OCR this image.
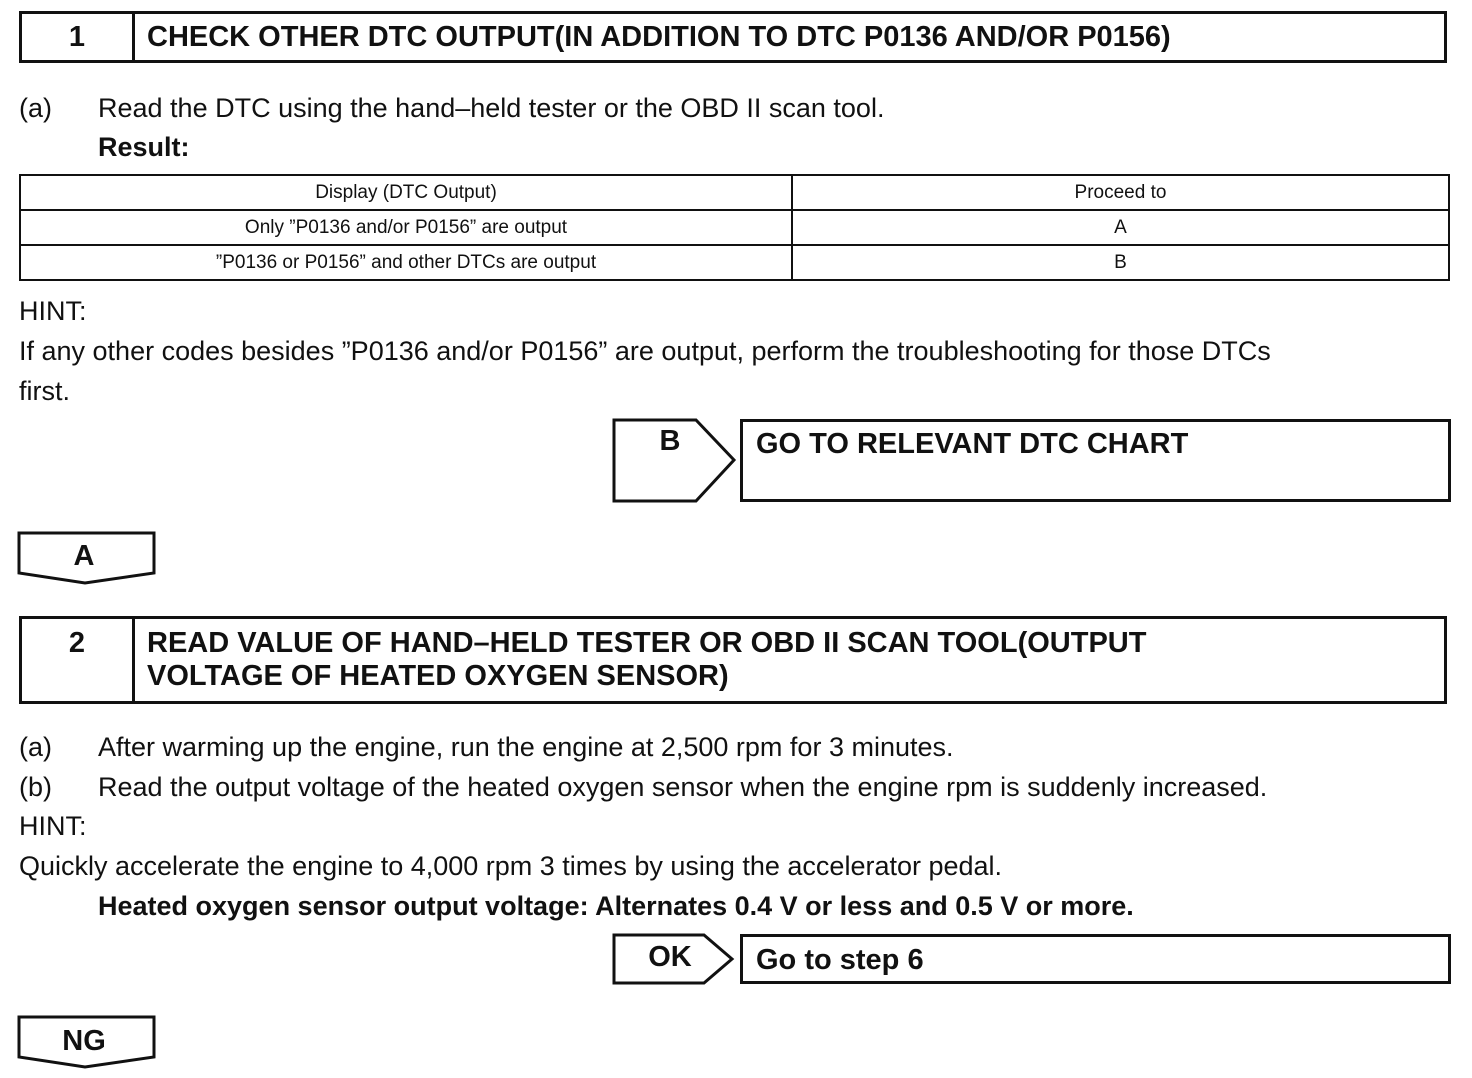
1	CHECK OTHER DTC OUTPUT(IN ADDITION TO DTC P0136 AND/OR P0156)
(a) Read the DTC using the hand–held tester or the OBD II scan tool.
Result:
Display (DTC Output)	Proceed to
Only ”P0136 and/or P0156” are output	A
”P0136 or P0156” and other DTCs are output	B
HINT:
If any other codes besides ”P0136 and/or P0156” are output, perform the troubleshooting for those DTCs
first.
B	GO TO RELEVANT DTC CHART
A
2	READ VALUE OF HAND–HELD TESTER OR OBD II SCAN TOOL(OUTPUT
VOLTAGE OF HEATED OXYGEN SENSOR)
(a) After warming up the engine, run the engine at 2,500 rpm for 3 minutes.
(b) Read the output voltage of the heated oxygen sensor when the engine rpm is suddenly increased.
HINT:
Quickly accelerate the engine to 4,000 rpm 3 times by using the accelerator pedal.
Heated oxygen sensor output voltage: Alternates 0.4 V or less and 0.5 V or more.
OK	Go to step 6
NG
